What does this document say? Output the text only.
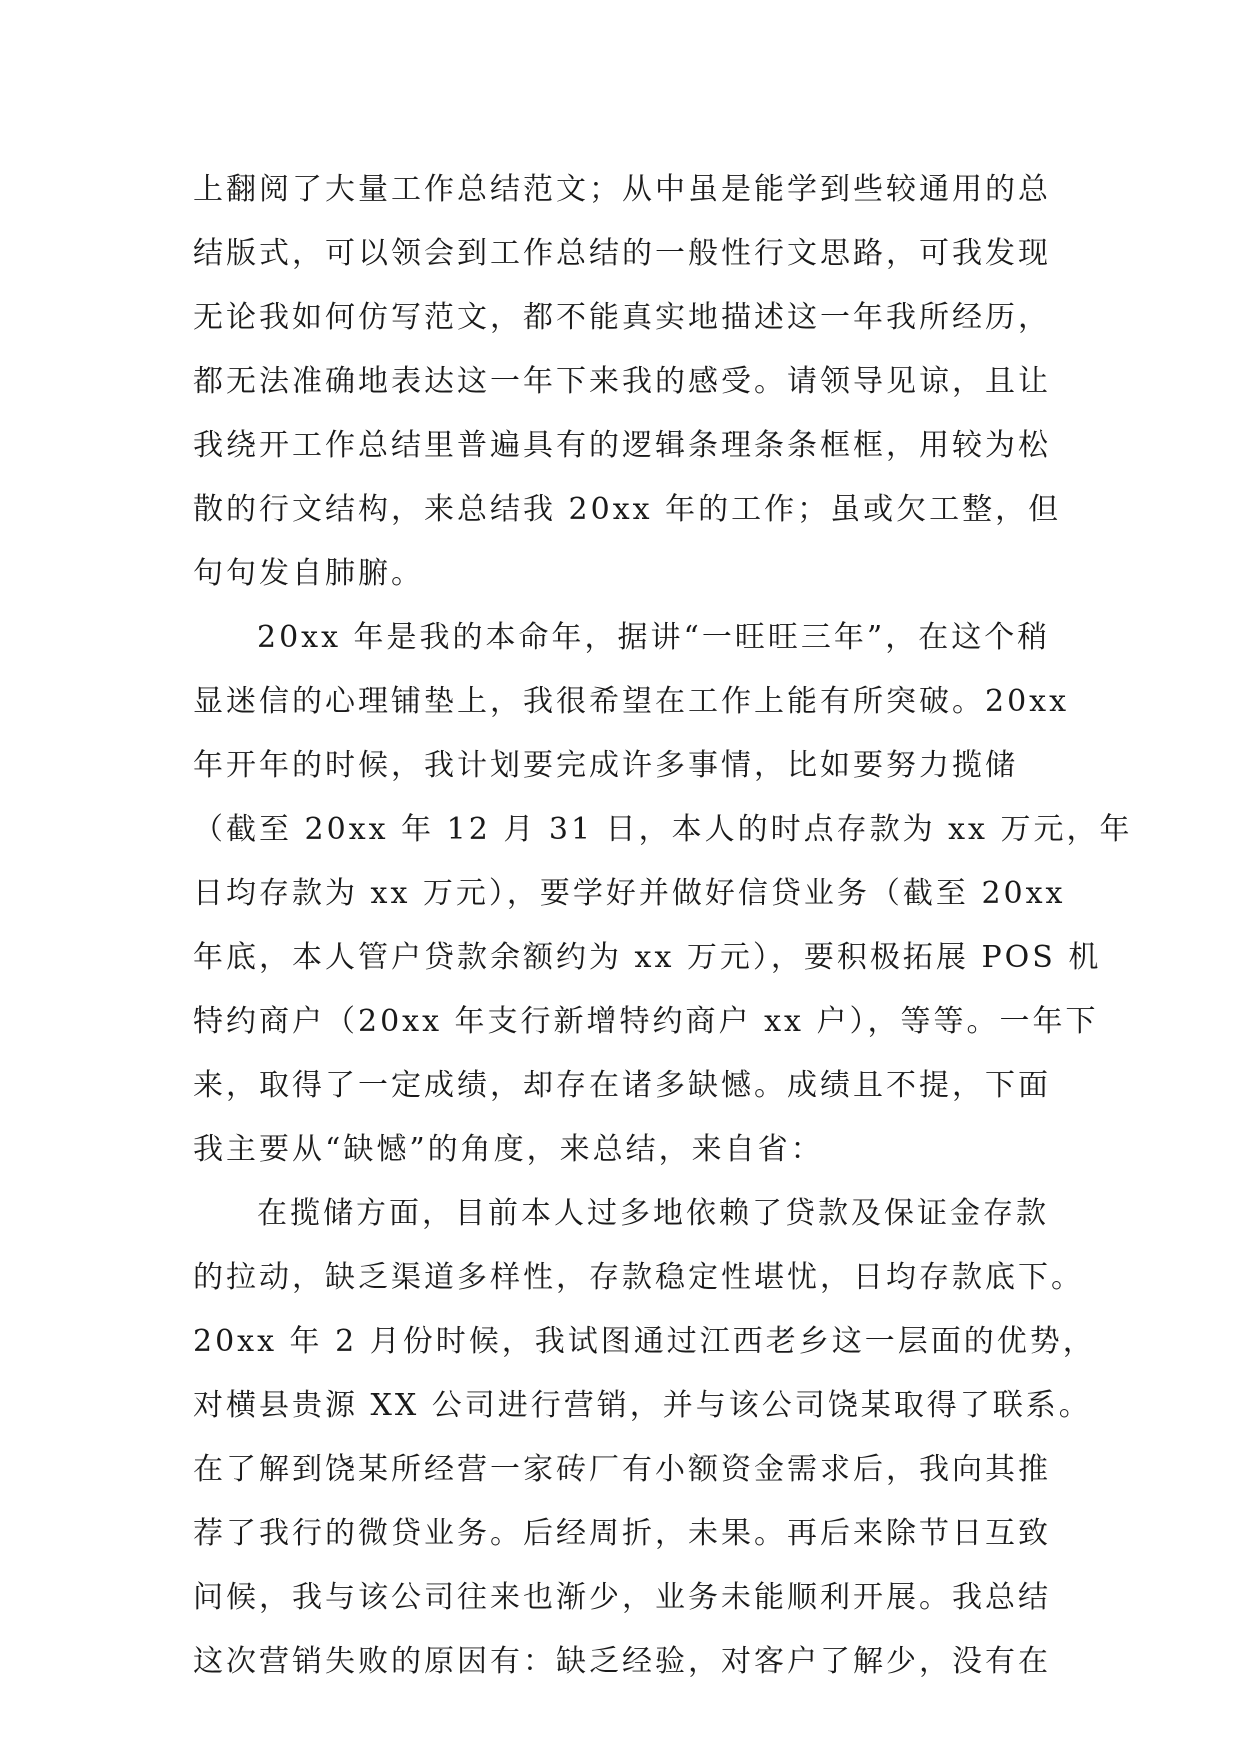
上翻阅了大量工作总结范文；从中虽是能学到些较通用的总
结版式，可以领会到工作总结的一般性行文思路，可我发现
无论我如何仿写范文，都不能真实地描述这一年我所经历，
都无法准确地表达这一年下来我的感受。请领导见谅，且让
我绕开工作总结里普遍具有的逻辑条理条条框框，用较为松
散的行文结构，来总结我 20xx 年的工作；虽或欠工整，但
句句发自肺腑。
20xx 年是我的本命年，据讲“一旺旺三年”，在这个稍
显迷信的心理铺垫上，我很希望在工作上能有所突破。20xx
年开年的时候，我计划要完成许多事情，比如要努力揽储
（截至 20xx 年 12 月 31 日，本人的时点存款为 xx 万元，年
日均存款为 xx 万元），要学好并做好信贷业务（截至 20xx
年底，本人管户贷款余额约为 xx 万元），要积极拓展 POS 机
特约商户（20xx 年支行新增特约商户 xx 户），等等。一年下
来，取得了一定成绩，却存在诸多缺憾。成绩且不提，下面
我主要从“缺憾”的角度，来总结，来自省：
在揽储方面，目前本人过多地依赖了贷款及保证金存款
的拉动，缺乏渠道多样性，存款稳定性堪忧，日均存款底下。
20xx 年 2 月份时候，我试图通过江西老乡这一层面的优势，
对横县贵源 XX 公司进行营销，并与该公司饶某取得了联系。
在了解到饶某所经营一家砖厂有小额资金需求后，我向其推
荐了我行的微贷业务。后经周折，未果。再后来除节日互致
问候，我与该公司往来也渐少，业务未能顺利开展。我总结
这次营销失败的原因有：缺乏经验，对客户了解少，没有在
